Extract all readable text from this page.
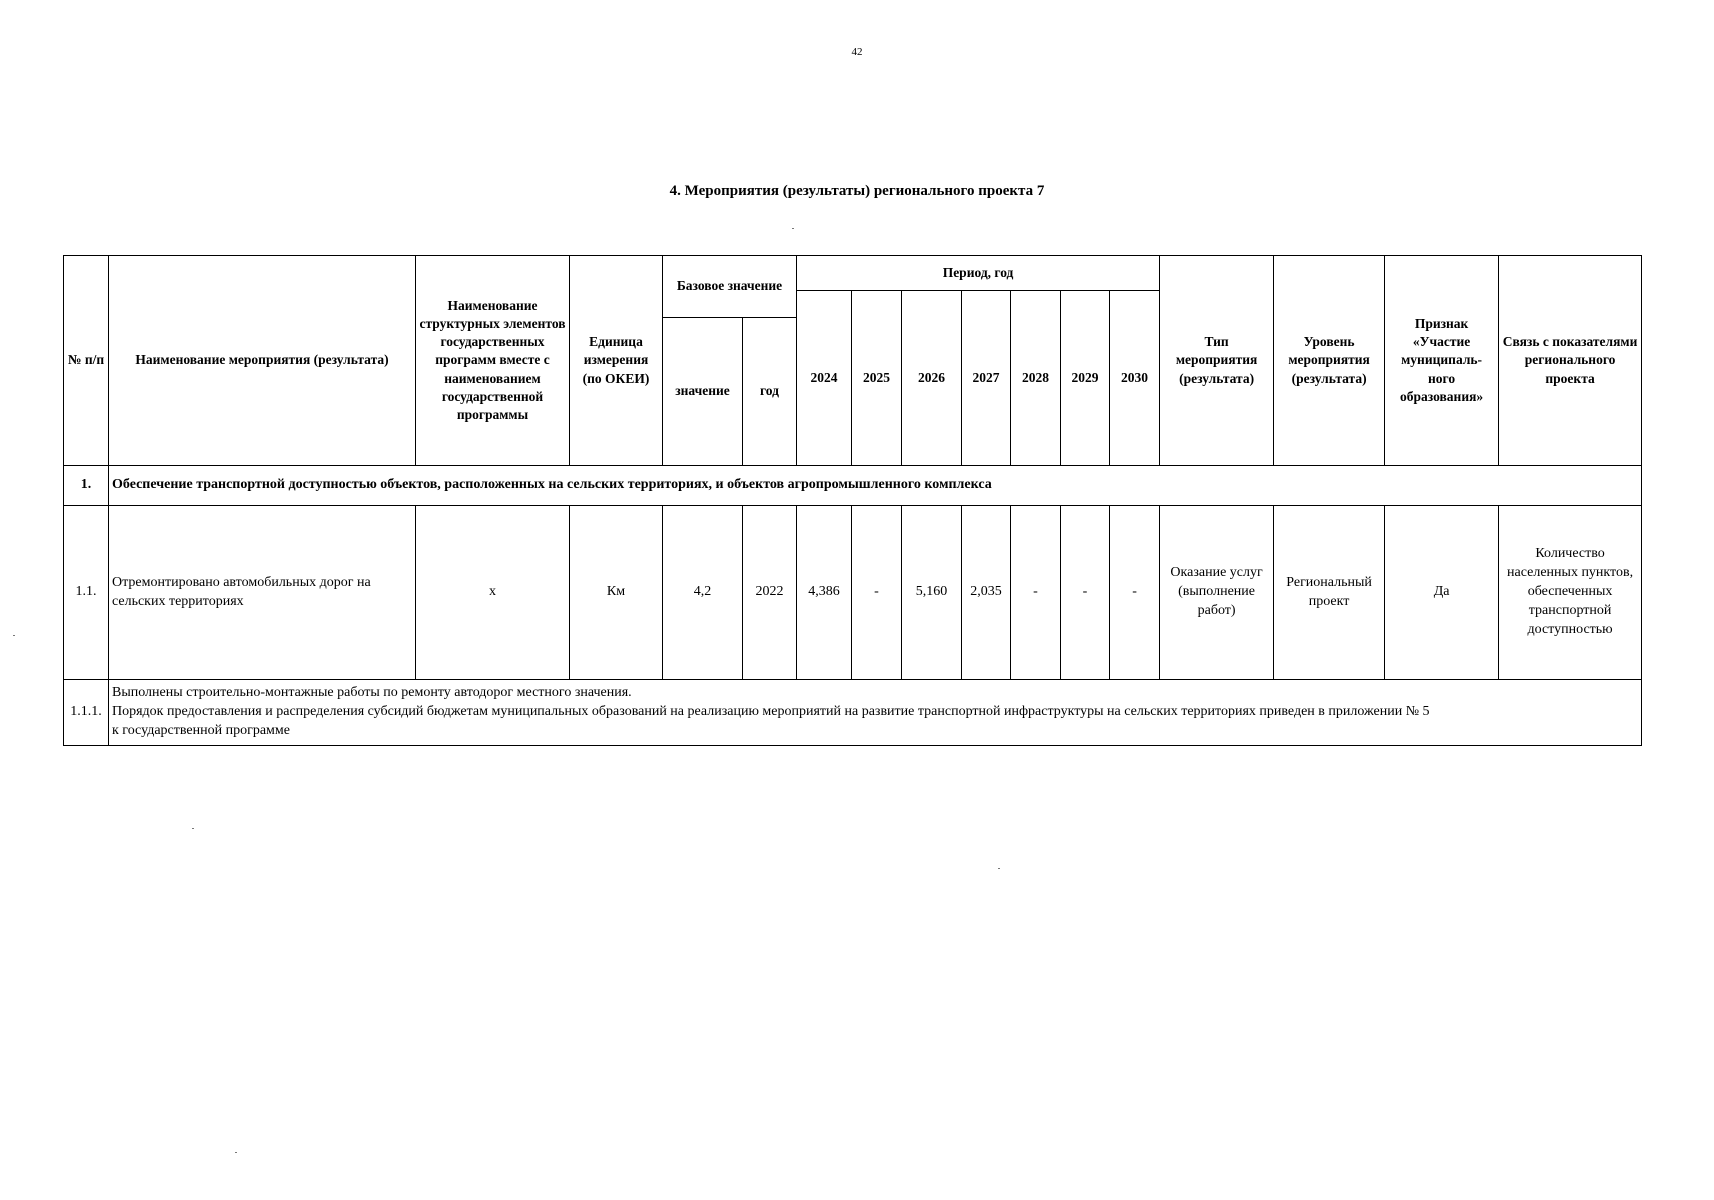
42
4. Мероприятия (результаты) регионального проекта 7
№ п/п	Наименование мероприятия (результата)	Наименование структурных элементов государственных программ вместе с наименованием государственной программы	Единица измерения (по ОКЕИ)	Базовое значение		Период, год							Тип мероприятия (результата)	Уровень мероприятия (результата)	Признак «Участие муниципаль-ного образования»	Связь с показателями регионального проекта
						2024	2025	2026	2027	2028	2029	2030				
				значение	год											
1.	Обеспечение транспортной доступностью объектов, расположенных на сельских территориях, и объектов агропромышленного комплекса															
1.1.	Отремонтировано автомобильных дорог на сельских территориях	х	Км	4,2	2022	4,386	-	5,160	2,035	-	-	-	Оказание услуг (выполнение работ)	Региональный проект	Да	Количество населенных пунктов, обеспеченных транспортной доступностью
1.1.1.	Выполнены строительно-монтажные работы по ремонту автодорог местного значения.
Порядок предоставления и распределения субсидий бюджетам муниципальных образований на реализацию мероприятий на развитие транспортной инфраструктуры на сельских территориях приведен в приложении № 5
к государственной программе															
